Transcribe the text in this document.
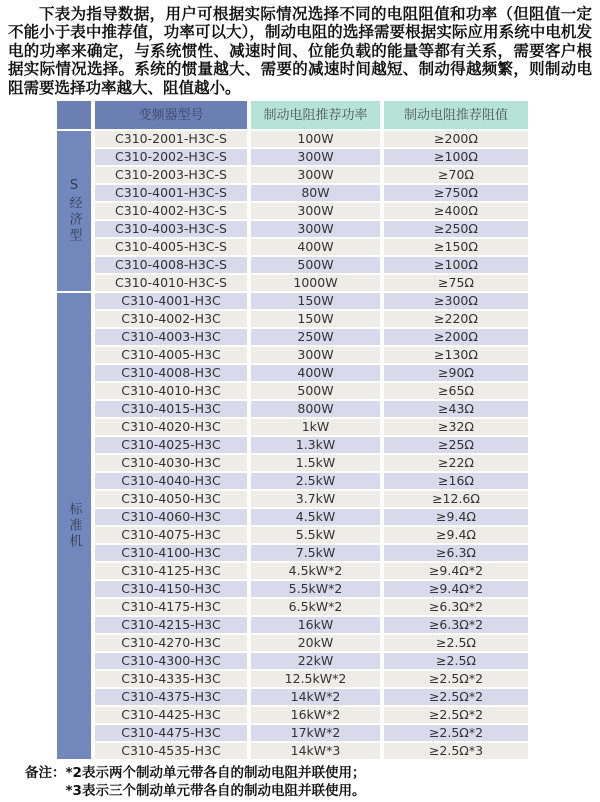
下表为指导数据，用户可根据实际情况选择不同的电阻阻值和功率（但阻值一定不能小于表中推荐值，功率可以大），制动电阻的选择需要根据实际应用系统中电机发电的功率来确定，与系统惯性、减速时间、位能负载的能量等都有关系，需要客户根据实际情况选择。系统的惯量越大、需要的减速时间越短、制动得越频繁，则制动电阻需要选择功率越大、阻值越小。

变频器型号	制动电阻推荐功率	制动电阻推荐阻值
S经济型
C310-2001-H3C-S	100W	≥200Ω
C310-2002-H3C-S	300W	≥100Ω
C310-2003-H3C-S	300W	≥70Ω
C310-4001-H3C-S	80W	≥750Ω
C310-4002-H3C-S	300W	≥400Ω
C310-4003-H3C-S	300W	≥250Ω
C310-4005-H3C-S	400W	≥150Ω
C310-4008-H3C-S	500W	≥100Ω
C310-4010-H3C-S	1000W	≥75Ω
标准机
C310-4001-H3C	150W	≥300Ω
C310-4002-H3C	150W	≥220Ω
C310-4003-H3C	250W	≥200Ω
C310-4005-H3C	300W	≥130Ω
C310-4008-H3C	400W	≥90Ω
C310-4010-H3C	500W	≥65Ω
C310-4015-H3C	800W	≥43Ω
C310-4020-H3C	1kW	≥32Ω
C310-4025-H3C	1.3kW	≥25Ω
C310-4030-H3C	1.5kW	≥22Ω
C310-4040-H3C	2.5kW	≥16Ω
C310-4050-H3C	3.7kW	≥12.6Ω
C310-4060-H3C	4.5kW	≥9.4Ω
C310-4075-H3C	5.5kW	≥9.4Ω
C310-4100-H3C	7.5kW	≥6.3Ω
C310-4125-H3C	4.5kW*2	≥9.4Ω*2
C310-4150-H3C	5.5kW*2	≥9.4Ω*2
C310-4175-H3C	6.5kW*2	≥6.3Ω*2
C310-4215-H3C	16kW	≥6.3Ω*2
C310-4270-H3C	20kW	≥2.5Ω
C310-4300-H3C	22kW	≥2.5Ω
C310-4335-H3C	12.5kW*2	≥2.5Ω*2
C310-4375-H3C	14kW*2	≥2.5Ω*2
C310-4425-H3C	16kW*2	≥2.5Ω*2
C310-4475-H3C	17kW*2	≥2.5Ω*2
C310-4535-H3C	14kW*3	≥2.5Ω*3
备注： *2表示两个制动单元带各自的制动电阻并联使用；
*3表示三个制动单元带各自的制动电阻并联使用。
